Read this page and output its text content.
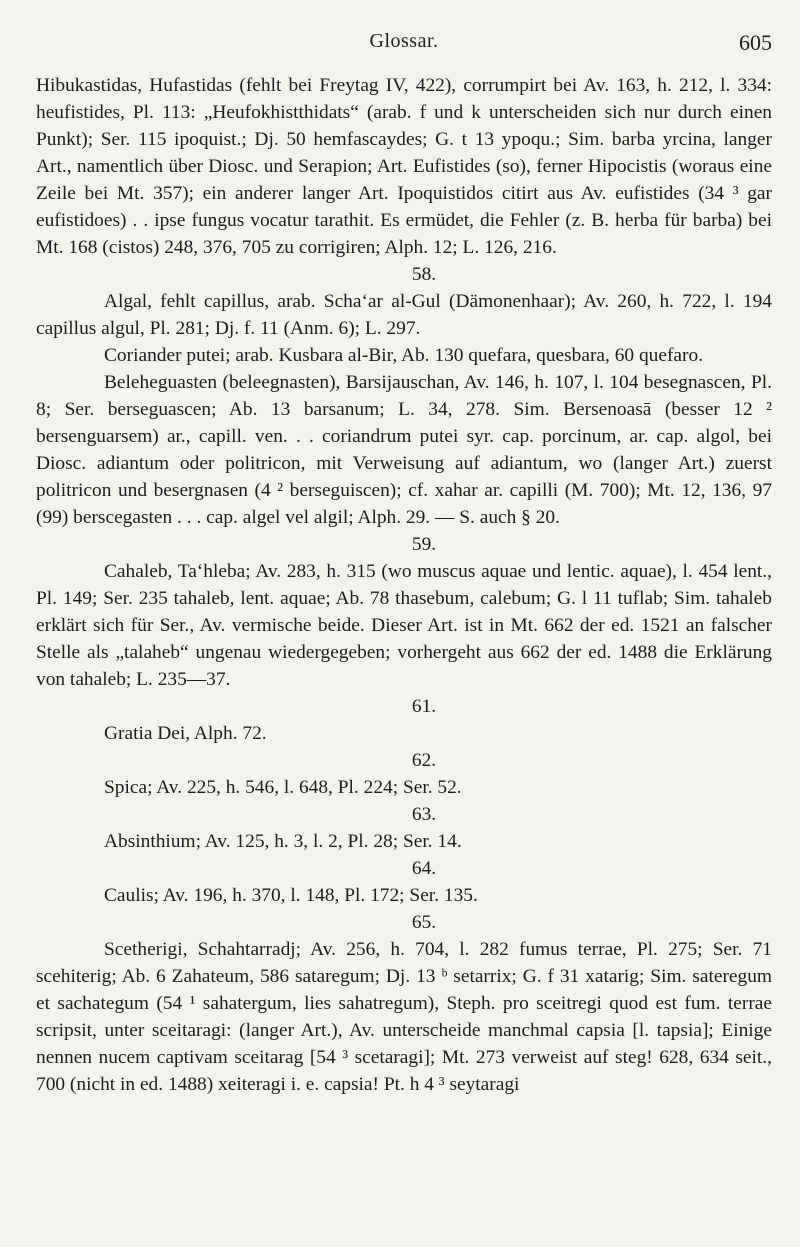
Glossar.	605

Hibukastidas, Hufastidas (fehlt bei Freytag IV, 422), corrumpirt bei Av. 163, h. 212, l. 334: heufistides, Pl. 113: „Heufokhistthidats“ (arab. f und k unterscheiden sich nur durch einen Punkt); Ser. 115 ipoquist.; Dj. 50 hemfascaydes; G. t 13 ypoqu.; Sim. barba yrcina, langer Art., namentlich über Diosc. und Serapion; Art. Eufistides (so), ferner Hipocistis (woraus eine Zeile bei Mt. 357); ein anderer langer Art. Ipoquistidos citirt aus Av. eufistides (34 ³ gar eufistidoes) . . ipse fungus vocatur tarathit. Es ermüdet, die Fehler (z. B. herba für barba) bei Mt. 168 (cistos) 248, 376, 705 zu corrigiren; Alph. 12; L. 126, 216.

58.

Algal, fehlt capillus, arab. Scha‘ar al-Gul (Dämonenhaar); Av. 260, h. 722, l. 194 capillus algul, Pl. 281; Dj. f. 11 (Anm. 6); L. 297.

Coriander putei; arab. Kusbara al-Bir, Ab. 130 quefara, quesbara, 60 quefaro.

Beleheguasten (beleegnasten), Barsijauschan, Av. 146, h. 107, l. 104 besegnascen, Pl. 8; Ser. berseguascen; Ab. 13 barsanum; L. 34, 278. Sim. Bersenoasā (besser 12 ² bersenguarsem) ar., capill. ven. . . coriandrum putei syr. cap. porcinum, ar. cap. algol, bei Diosc. adiantum oder politricon, mit Verweisung auf adiantum, wo (langer Art.) zuerst politricon und besergnasen (4 ² berseguiscen); cf. xahar ar. capilli (M. 700); Mt. 12, 136, 97 (99) berscegasten . . . cap. algel vel algil; Alph. 29. — S. auch § 20.

59.

Cahaleb, Ta‘hleba; Av. 283, h. 315 (wo muscus aquae und lentic. aquae), l. 454 lent., Pl. 149; Ser. 235 tahaleb, lent. aquae; Ab. 78 thasebum, calebum; G. l 11 tuflab; Sim. tahaleb erklärt sich für Ser., Av. vermische beide. Dieser Art. ist in Mt. 662 der ed. 1521 an falscher Stelle als „talaheb“ ungenau wiedergegeben; vorhergeht aus 662 der ed. 1488 die Erklärung von tahaleb; L. 235—37.

61.

Gratia Dei, Alph. 72.

62.

Spica; Av. 225, h. 546, l. 648, Pl. 224; Ser. 52.

63.

Absinthium; Av. 125, h. 3, l. 2, Pl. 28; Ser. 14.

64.

Caulis; Av. 196, h. 370, l. 148, Pl. 172; Ser. 135.

65.

Scetherigi, Schahtarradj; Av. 256, h. 704, l. 282 fumus terrae, Pl. 275; Ser. 71 scehiterig; Ab. 6 Zahateum, 586 sataregum; Dj. 13 ᵇ setarrix; G. f 31 xatarig; Sim. sateregum et sachategum (54 ¹ sahatergum, lies sahatregum), Steph. pro sceitregi quod est fum. terrae scripsit, unter sceitaragi: (langer Art.), Av. unterscheide manchmal capsia [l. tapsia]; Einige nennen nucem captivam sceitarag [54 ³ scetaragi]; Mt. 273 verweist auf steg! 628, 634 seit., 700 (nicht in ed. 1488) xeiteragi i. e. capsia! Pt. h 4 ³ seytaragi
